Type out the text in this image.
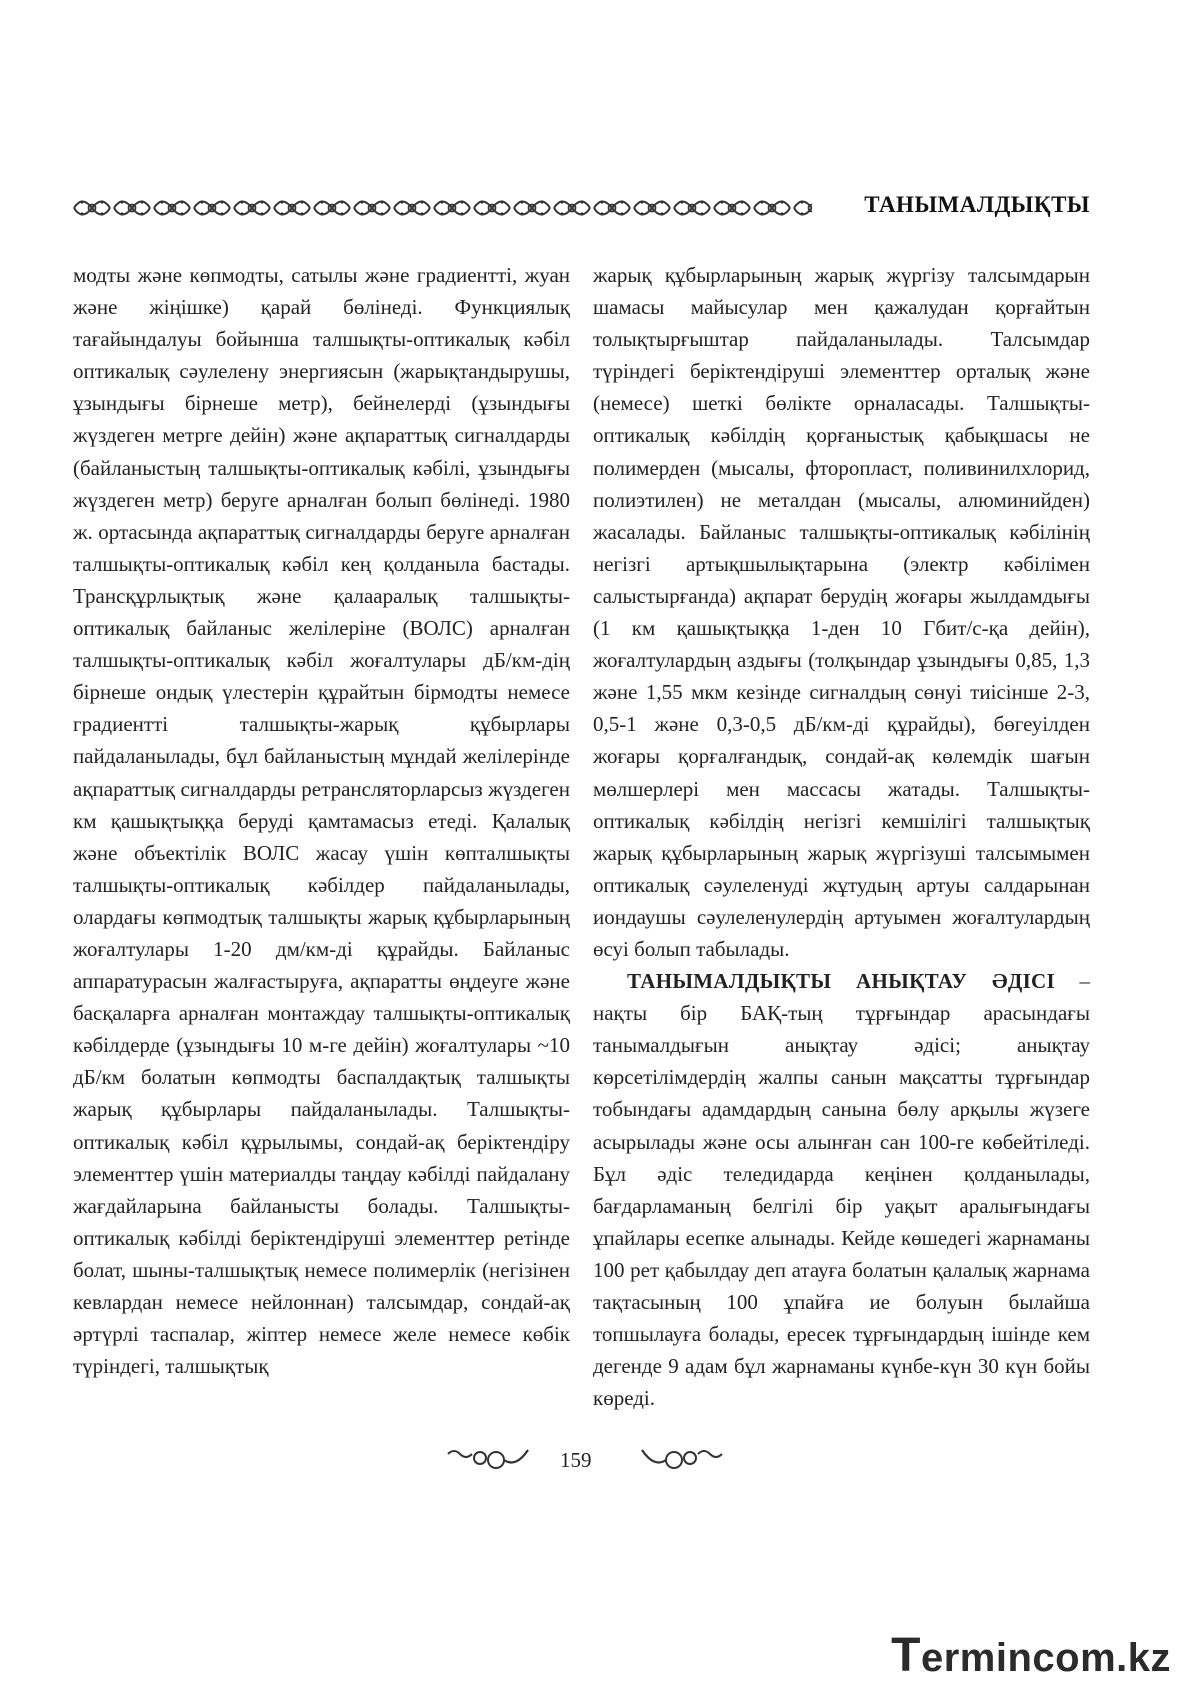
ТАНЫМАЛДЫҚТЫ

модты және көпмодты, сатылы және градиентті, жуан және жіңішке) қарай бөлінеді. Функциялық тағайындалуы бойынша талшықты-оптикалық кәбіл оптикалық сәулелену энергиясын (жарықтандырушы, ұзындығы бірнеше метр), бейнелерді (ұзындығы жүздеген метрге дейін) және ақпараттық сигналдарды (байланыстың талшықты-оптикалық кәбілі, ұзындығы жүздеген метр) беруге арналған болып бөлінеді. 1980 ж. ортасында ақпараттық сигналдарды беруге арналған талшықты-оптикалық кәбіл кең қолданыла бастады. Трансқұрлықтық және қалааралық талшықты-оптикалық байланыс желілеріне (ВОЛС) арналған талшықты-оптикалық кәбіл жоғалтулары дБ/км-дің бірнеше ондық үлестерін құрайтын бірмодты немесе градиентті талшықты-жарық құбырлары пайдаланылады, бұл байланыстың мұндай желілерінде ақпараттық сигналдарды ретрансляторларсыз жүздеген км қашықтыққа беруді қамтамасыз етеді. Қалалық және объектілік ВОЛС жасау үшін көпталшықты талшықты-оптикалық кәбілдер пайдаланылады, олардағы көпмодтық талшықты жарық құбырларының жоғалтулары 1-20 дм/км-ді құрайды. Байланыс аппаратурасын жалғастыруға, ақпаратты өңдеуге және басқаларға арналған монтаждау талшықты-оптикалық кәбілдерде (ұзындығы 10 м-ге дейін) жоғалтулары ~10 дБ/км болатын көпмодты баспалдақтық талшықты жарық құбырлары пайдаланылады. Талшықты-оптикалық кәбіл құрылымы, сондай-ақ беріктендіру элементтер үшін материалды таңдау кәбілді пайдалану жағдайларына байланысты болады. Талшықты-оптикалық кәбілді беріктендіруші элементтер ретінде болат, шыны-талшықтық немесе полимерлік (негізінен кевлардан немесе нейлоннан) талсымдар, сондай-ақ әртүрлі таспалар, жіптер немесе желе немесе көбік түріндегі, талшықтық

жарық құбырларының жарық жүргізу талсымдарын шамасы майысулар мен қажалудан қорғайтын толықтырғыштар пайдаланылады. Талсымдар түріндегі беріктендіруші элементтер орталық және (немесе) шеткі бөлікте орналасады. Талшықты-оптикалық кәбілдің қорғаныстық қабықшасы не полимерден (мысалы, фторопласт, поливинилхлорид, полиэтилен) не металдан (мысалы, алюминийден) жасалады. Байланыс талшықты-оптикалық кәбілінің негізгі артықшылықтарына (электр кәбілімен салыстырғанда) ақпарат берудің жоғары жылдамдығы (1 км қашықтыққа 1-ден 10 Гбит/с-қа дейін), жоғалтулардың аздығы (толқындар ұзындығы 0,85, 1,3 және 1,55 мкм кезінде сигналдың сөнуі тиісінше 2-3, 0,5-1 және 0,3-0,5 дБ/км-ді құрайды), бөгеуілден жоғары қорғалғандық, сондай-ақ көлемдік шағын мөлшерлері мен массасы жатады. Талшықты-оптикалық кәбілдің негізгі кемшілігі талшықтық жарық құбырларының жарық жүргізуші талсымымен оптикалық сәулеленуді жұтудың артуы салдарынан иондаушы сәулеленулердің артуымен жоғалтулардың өсуі болып табылады.

ТАНЫМАЛДЫҚТЫ АНЫҚТАУ ӘДІСІ – нақты бір БАҚ-тың тұрғындар арасындағы танымалдығын анықтау әдісі; анықтау көрсетілімдердің жалпы санын мақсатты тұрғындар тобындағы адамдардың санына бөлу арқылы жүзеге асырылады және осы алынған сан 100-ге көбейтіледі. Бұл әдіс теледидарда кеңінен қолданылады, бағдарламаның белгілі бір уақыт аралығындағы ұпайлары есепке алынады. Кейде көшедегі жарнаманы 100 рет қабылдау деп атауға болатын қалалық жарнама тақтасының 100 ұпайға ие болуын былайша топшылауға болады, ересек тұрғындардың ішінде кем дегенде 9 адам бұл жарнаманы күнбе-күн 30 күн бойы көреді.

159
Termincom.kz
